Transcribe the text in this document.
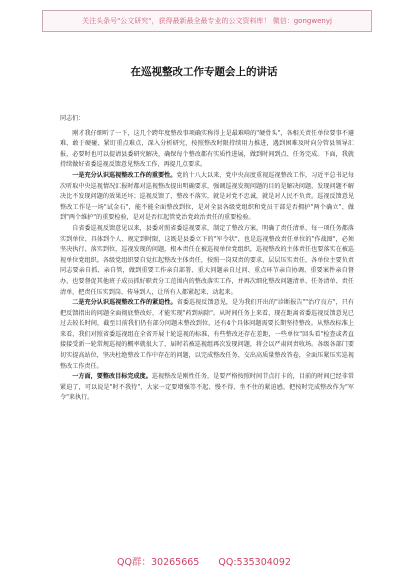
关注头条号"公文研究"，获得最新最全最专业的公文资料库！ 微信：gongwenyj
在巡视整改工作专题会上的讲话

同志们：

刚才我仔细听了一下，这几个跨年度整改事项确实称得上是最难啃的"硬骨头"，各相关责任单位要事不避难、敢于硬碰、紧盯重点难点，深入分析研究，按照整改时限持续用力推进，遇到困难及时向分管县领导汇报，必要时也可以提请县委研究解决，确保每个整改都有实质性进展，做到时间到点、任务完成。下面，我就持续做好省委巡视反馈意见整改工作，再提几点要求。

一是充分认识巡视整改工作的重要性。党的十八大以来，党中央高度重视巡视整改工作，习近平总书记每次听取中央巡视情况汇报时都对巡视整改提出明确要求，强调巡视发现问题的目的是解决问题，发现问题不解决比不发现问题的效果还坏；巡视反馈了，整改不落实，就是对党不忠诚，就是对人民不负责。巡视反馈意见整改工作是一场"试金石"，能不能全面整改到位，是对全县各级党组织和党员干部是否拥护"两个确立"、做到"两个维护"的重要检验，是对是否扛起管党治党政治责任的重要检验。

自省委巡视反馈意见以来，县委对照省委巡视要求，制定了整改方案，明确了责任清单、每一项任务都落实到单位、具体到个人、规定到时限，这既是县委立下的"军令状"，也是巡视整改责任单位的"作战图"，必须坚决执行、落实到位，巡视发现的问题，根本责任在被巡视单位党组织，巡视整改的主体责任也要落实在被巡视单位党组织。各级党组织要自觉扛起整改主体责任，按照一岗双责的要求，层层压实责任，各单位主要负责同志要亲自抓、亲自管，做到重要工作亲自部署、重大问题亲自过问、重点环节亲自协调、重要案件亲自督办，也要督促其他班子成员抓好职责分工范围内的整改落实工作，并再次细化整改问题清单、任务清单、责任清单，把责任压实到岗、传导到人，让所有人都紧起来、动起来。

二是充分认识巡视整改工作的紧迫性。省委巡视反馈意见，是为我们开出的"诊断报告""治疗良方"，只有把反馈指出的问题全面彻底整改好，才能实现"药到病除"。从时间任务上来看，现在距离省委巡视反馈意见已过去较长时间，截至目前我们仍有部分问题未整改到位，还有4个具体问题需要长期坚持整改。从整改标准上来看，我们对照省委巡视组在全省开展十轮巡视的标准，有些整改还存在差距，一些单位"回头看"检查或者直接接受新一轮常规巡视的概率就很大了，届时若被巡视组再次发现问题，将会以严肃问责收场。各级各部门要切实提高站位，坚决杜绝整改工作中存在的问题，以完成整改任务、交出高质量整改答卷，全面压紧压实巡视整改工作责任。

一方面，要整改目标完成度。巡视整改是刚性任务，是要严格按照时间节点打卡的，目前的时间已经非常紧迫了，可以说是"时不我待"，大家一定要增强等不起、慢不得、坐不住的紧迫感，把按时完成整改作为"军令"来执行。

QQ群：30265665 QQ:535304092
